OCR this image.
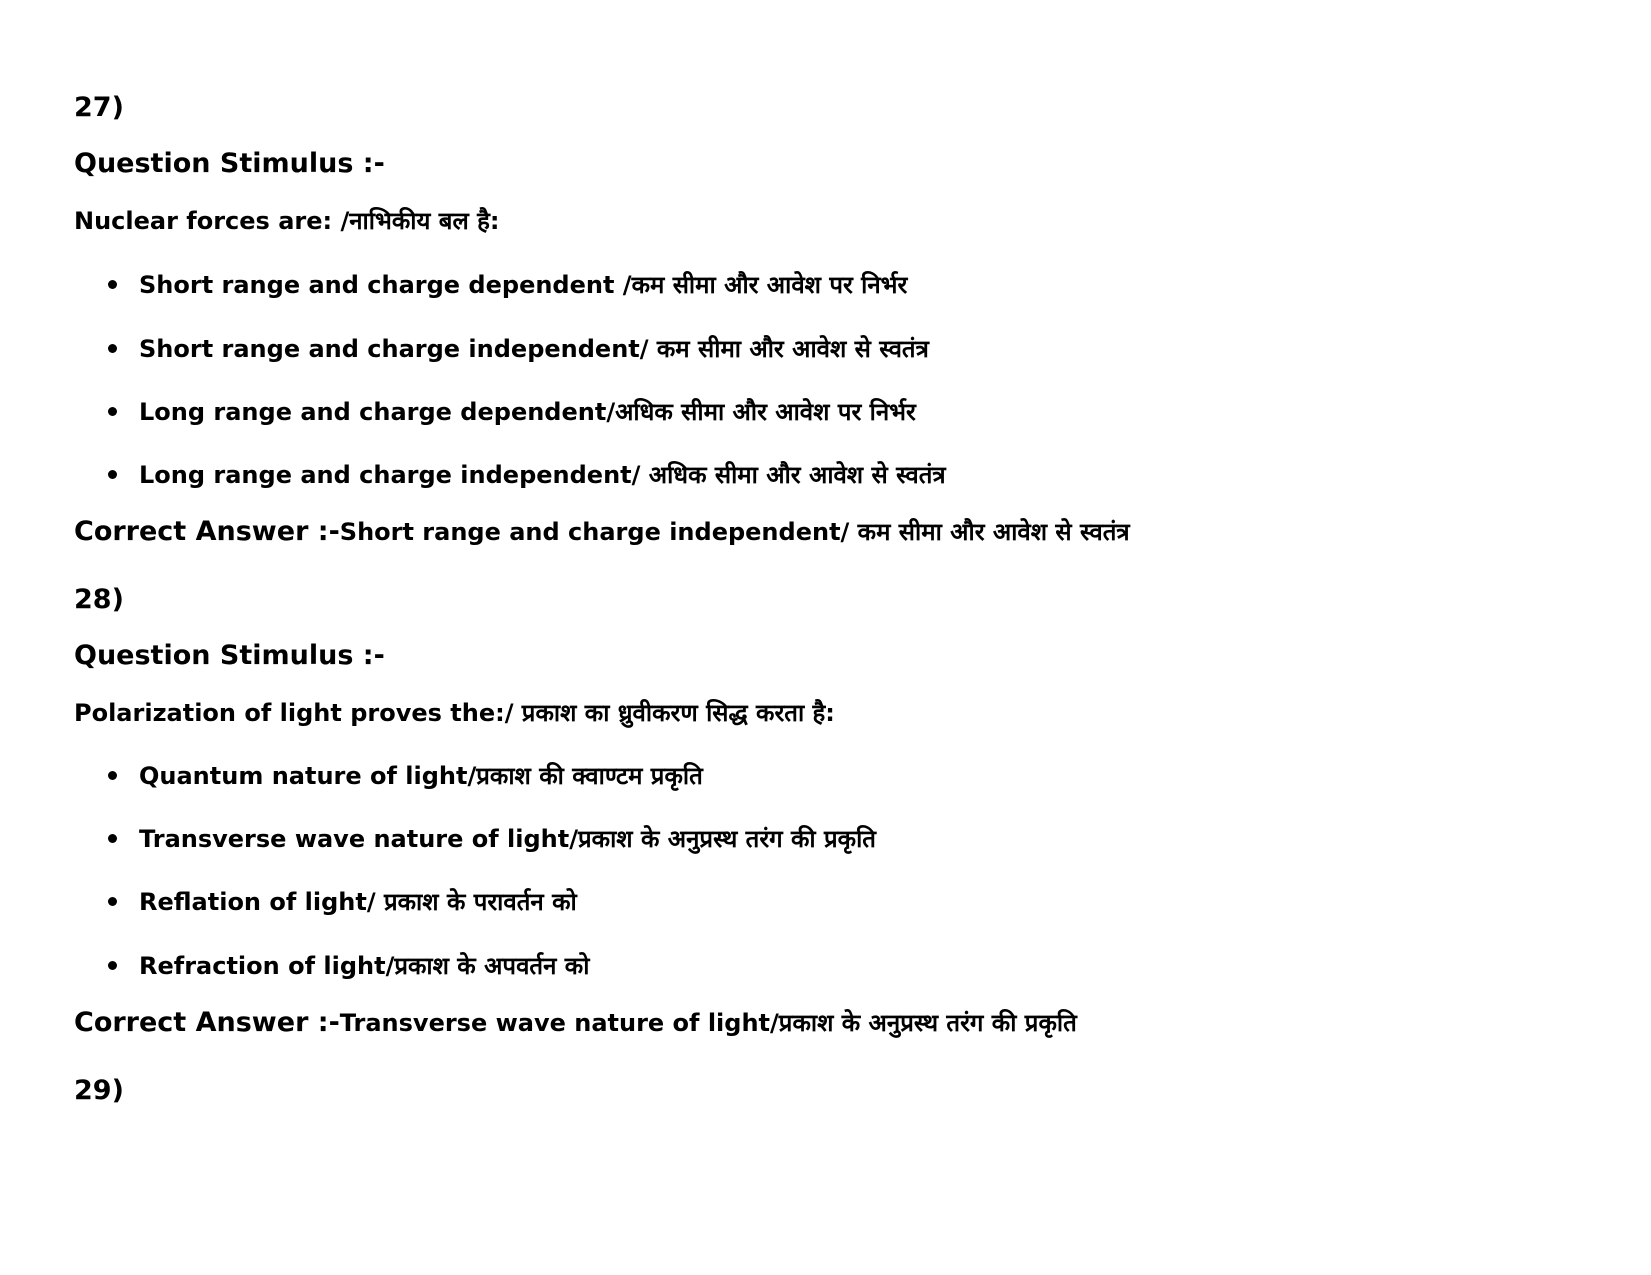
27)

Question Stimulus :-

Nuclear forces are: /नाभिकीय बल है:

Short range and charge dependent /कम सीमा और आवेश पर निर्भर
Short range and charge independent/ कम सीमा और आवेश से स्वतंत्र
Long range and charge dependent/अधिक सीमा और आवेश पर निर्भर
Long range and charge independent/ अधिक सीमा और आवेश से स्वतंत्र

Correct Answer :-Short range and charge independent/ कम सीमा और आवेश से स्वतंत्र

28)

Question Stimulus :-

Polarization of light proves the:/ प्रकाश का ध्रुवीकरण सिद्ध करता है:

Quantum nature of light/प्रकाश की क्वाण्टम प्रकृति
Transverse wave nature of light/प्रकाश के अनुप्रस्थ तरंग की प्रकृति
Reflation of light/ प्रकाश के परावर्तन को
Refraction of light/प्रकाश के अपवर्तन को

Correct Answer :-Transverse wave nature of light/प्रकाश के अनुप्रस्थ तरंग की प्रकृति

29)
